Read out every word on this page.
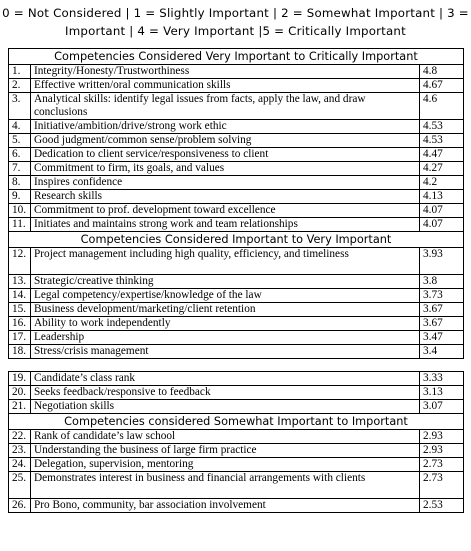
0 = Not Considered | 1 = Slightly Important | 2 = Somewhat Important | 3 =
Important | 4 = Very Important |5 = Critically Important
Competencies Considered Very Important to Critically Important		
1.	Integrity/Honesty/Trustworthiness	4.8
2.	Effective written/oral communication skills	4.67
3.	Analytical skills: identify legal issues from facts, apply the law, and draw conclusions	4.6
4.	Initiative/ambition/drive/strong work ethic	4.53
5.	Good judgment/common sense/problem solving	4.53
6.	Dedication to client service/responsiveness to client	4.47
7.	Commitment to firm, its goals, and values	4.27
8.	Inspires confidence	4.2
9.	Research skills	4.13
10.	Commitment to prof. development toward excellence	4.07
11.	Initiates and maintains strong work and team relationships	4.07
Competencies Considered Important to Very Important		
12.	Project management including high quality, efficiency, and timeliness	3.93
13.	Strategic/creative thinking	3.8
14.	Legal competency/expertise/knowledge of the law	3.73
15.	Business development/marketing/client retention	3.67
16.	Ability to work independently	3.67
17.	Leadership	3.47
18.	Stress/crisis management	3.4

19.	Candidate’s class rank	3.33
20.	Seeks feedback/responsive to feedback	3.13
21.	Negotiation skills	3.07
Competencies considered Somewhat Important to Important		
22.	Rank of candidate’s law school	2.93
23.	Understanding the business of large firm practice	2.93
24.	Delegation, supervision, mentoring	2.73
25.	Demonstrates interest in business and financial arrangements with clients	2.73
26.	Pro Bono, community, bar association involvement	2.53
